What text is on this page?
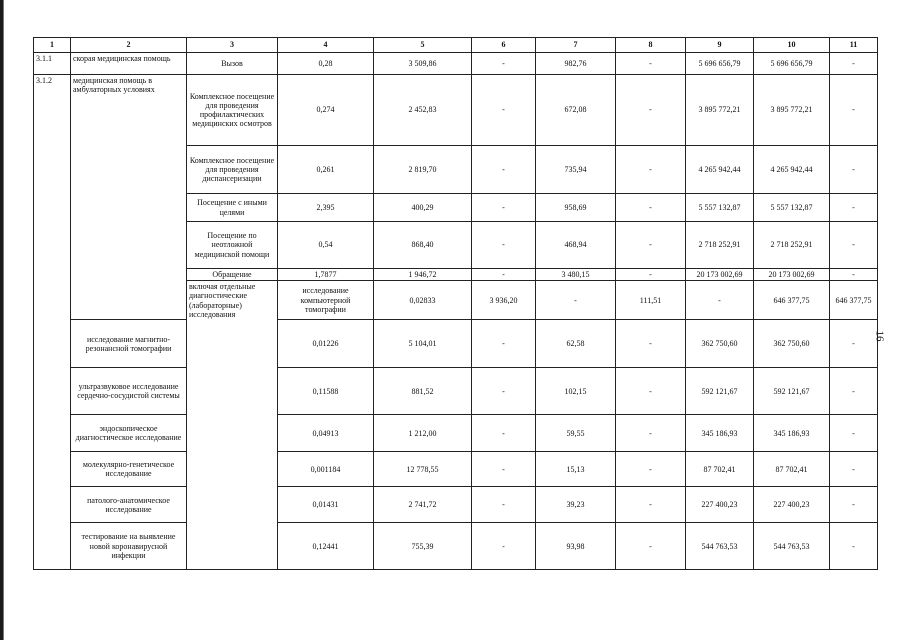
1	2	3	4	5	6	7	8	9	10	11	
3.1.1	скорая медицинская помощь	Вызов	0,28	3 509,86	-	982,76	-	5 696 656,79	5 696 656,79	-	
3.1.2	медицинская помощь в амбулаторных условиях	Комплексное посещение для проведения профилактических медицинских осмотров	0,274	2 452,83	-	672,08	-	3 895 772,21	3 895 772,21	-	
		Комплексное посещение для проведения диспансеризации	0,261	2 819,70	-	735,94	-	4 265 942,44	4 265 942,44	-	
		Посещение с иными целями	2,395	400,29	-	958,69	-	5 557 132,87	5 557 132,87	-	
		Посещение по неотложной медицинской помощи	0,54	868,40	-	468,94	-	2 718 252,91	2 718 252,91	-	
		Обращение	1,7877	1 946,72	-	3 480,15	-	20 173 002,69	20 173 002,69	-	
		включая отдельные диагностические (лабораторные) исследования	исследование компьютерной томографии	0,02833	3 936,20	-	111,51	-	646 377,75	646 377,75	
	исследование магнитно-резонансной томографии		0,01226	5 104,01	-	62,58	-	362 750,60	362 750,60	-	
	ультразвуковое исследование сердечно-сосудистой системы		0,11588	881,52	-	102,15	-	592 121,67	592 121,67	-	
	эндоскопическое диагностическое исследование		0,04913	1 212,00	-	59,55	-	345 186,93	345 186,93	-	
	молекулярно-генетическое исследование		0,001184	12 778,55	-	15,13	-	87 702,41	87 702,41	-	
	патолого-анатомическое исследование		0,01431	2 741,72	-	39,23	-	227 400,23	227 400,23	-	
	тестирование на выявление новой коронавирусной инфекции		0,12441	755,39	-	93,98	-	544 763,53	544 763,53	-	
16
